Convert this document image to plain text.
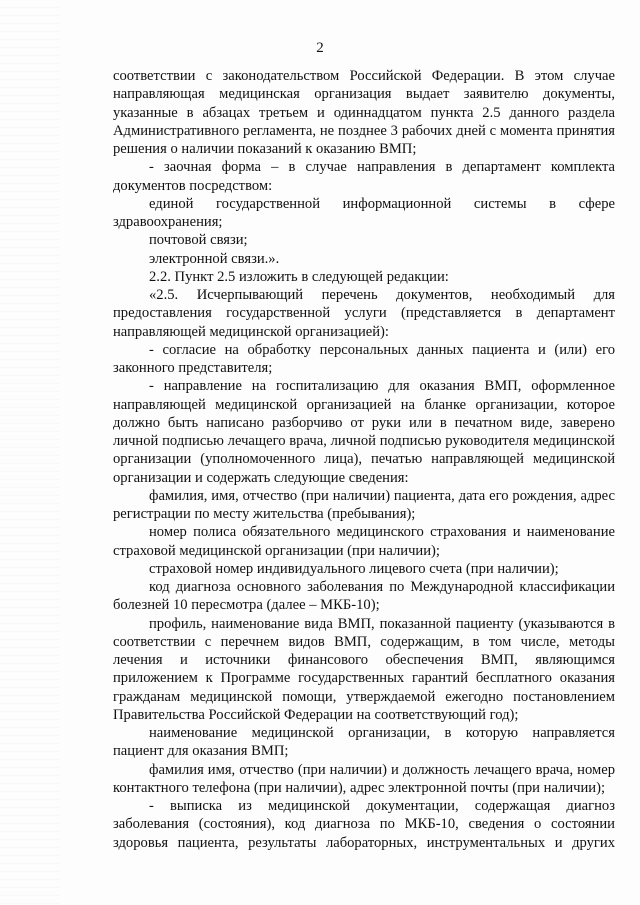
2

соответствии с законодательством Российской Федерации. В этом случае направляющая медицинская организация выдает заявителю документы, указанные в абзацах третьем и одиннадцатом пункта 2.5 данного раздела Административного регламента, не позднее 3 рабочих дней с момента принятия решения о наличии показаний к оказанию ВМП;

- заочная форма – в случае направления в департамент комплекта документов посредством:

единой государственной информационной системы в сфере здравоохранения;

почтовой связи;

электронной связи.».

2.2. Пункт 2.5 изложить в следующей редакции:

«2.5. Исчерпывающий перечень документов, необходимый для предоставления государственной услуги (представляется в департамент направляющей медицинской организацией):

- согласие на обработку персональных данных пациента и (или) его законного представителя;

- направление на госпитализацию для оказания ВМП, оформленное направляющей медицинской организацией на бланке организации, которое должно быть написано разборчиво от руки или в печатном виде, заверено личной подписью лечащего врача, личной подписью руководителя медицинской организации (уполномоченного лица), печатью направляющей медицинской организации и содержать следующие сведения:

фамилия, имя, отчество (при наличии) пациента, дата его рождения, адрес регистрации по месту жительства (пребывания);

номер полиса обязательного медицинского страхования и наименование страховой медицинской организации (при наличии);

страховой номер индивидуального лицевого счета (при наличии);

код диагноза основного заболевания по Международной классификации болезней 10 пересмотра (далее – МКБ-10);

профиль, наименование вида ВМП, показанной пациенту (указываются в соответствии с перечнем видов ВМП, содержащим, в том числе, методы лечения и источники финансового обеспечения ВМП, являющимся приложением к Программе государственных гарантий бесплатного оказания гражданам медицинской помощи, утверждаемой ежегодно постановлением Правительства Российской Федерации на соответствующий год);

наименование медицинской организации, в которую направляется пациент для оказания ВМП;

фамилия имя, отчество (при наличии) и должность лечащего врача, номер контактного телефона (при наличии), адрес электронной почты (при наличии);

- выписка из медицинской документации, содержащая диагноз заболевания (состояния), код диагноза по МКБ-10, сведения о состоянии здоровья пациента, результаты лабораторных, инструментальных и других
